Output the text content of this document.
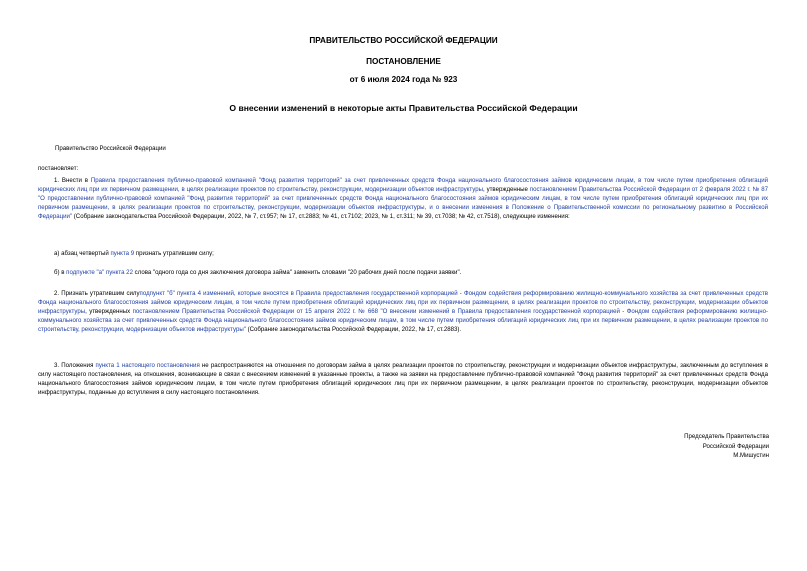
ПРАВИТЕЛЬСТВО РОССИЙСКОЙ ФЕДЕРАЦИИ
ПОСТАНОВЛЕНИЕ
от 6 июля 2024 года № 923
О внесении изменений в некоторые акты Правительства Российской Федерации
Правительство Российской Федерации
постановляет:
1. Внести в Правила предоставления публично-правовой компанией "Фонд развития территорий" за счет привлеченных средств Фонда национального благосостояния займов юридическим лицам, в том числе путем приобретения облигаций юридических лиц при их первичном размещении, в целях реализации проектов по строительству, реконструкции, модернизации объектов инфраструктуры, утвержденные постановлением Правительства Российской Федерации от 2 февраля 2022 г. № 87 "О предоставлении публично-правовой компанией "Фонд развития территорий" за счет привлеченных средств Фонда национального благосостояния займов юридическим лицам, в том числе путем приобретения облигаций юридических лиц при их первичном размещении, в целях реализации проектов по строительству, реконструкции, модернизации объектов инфраструктуры, и о внесении изменения в Положение о Правительственной комиссии по региональному развитию в Российской Федерации" (Собрание законодательства Российской Федерации, 2022, № 7, ст.957; № 17, ст.2883; № 41, ст.7102; 2023, № 1, ст.311; № 39, ст.7038; № 42, ст.7518), следующие изменения:
а) абзац четвертый пункта 9 признать утратившим силу;
б) в подпункте "а" пункта 22 слова "одного года со дня заключения договора займа" заменить словами "20 рабочих дней после подачи заявки".
2. Признать утратившим силуподпункт "б" пункта 4 изменений, которые вносятся в Правила предоставления государственной корпорацией - Фондом содействия реформированию жилищно-коммунального хозяйства за счет привлеченных средств Фонда национального благосостояния займов юридическим лицам, в том числе путем приобретения облигаций юридических лиц при их первичном размещении, в целях реализации проектов по строительству, реконструкции, модернизации объектов инфраструктуры, утвержденных постановлением Правительства Российской Федерации от 15 апреля 2022 г. № 668 "О внесении изменений в Правила предоставления государственной корпорацией - Фондом содействия реформированию жилищно-коммунального хозяйства за счет привлеченных средств Фонда национального благосостояния займов юридическим лицам, в том числе путем приобретения облигаций юридических лиц при их первичном размещении, в целях реализации проектов по строительству, реконструкции, модернизации объектов инфраструктуры" (Собрание законодательства Российской Федерации, 2022, № 17, ст.2883).
3. Положения пункта 1 настоящего постановления не распространяются на отношения по договорам займа в целях реализации проектов по строительству, реконструкции и модернизации объектов инфраструктуры, заключенным до вступления в силу настоящего постановления, на отношения, возникающие в связи с внесением изменений в указанные проекты, а также на заявки на предоставление публично-правовой компанией "Фонд развития территорий" за счет привлеченных средств Фонда национального благосостояния займов юридическим лицам, в том числе путем приобретения облигаций юридических лиц при их первичном размещении, в целях реализации проектов по строительству, реконструкции, модернизации объектов инфраструктуры, поданные до вступления в силу настоящего постановления.
Председатель Правительства
Российской Федерации
М.Мишустин
